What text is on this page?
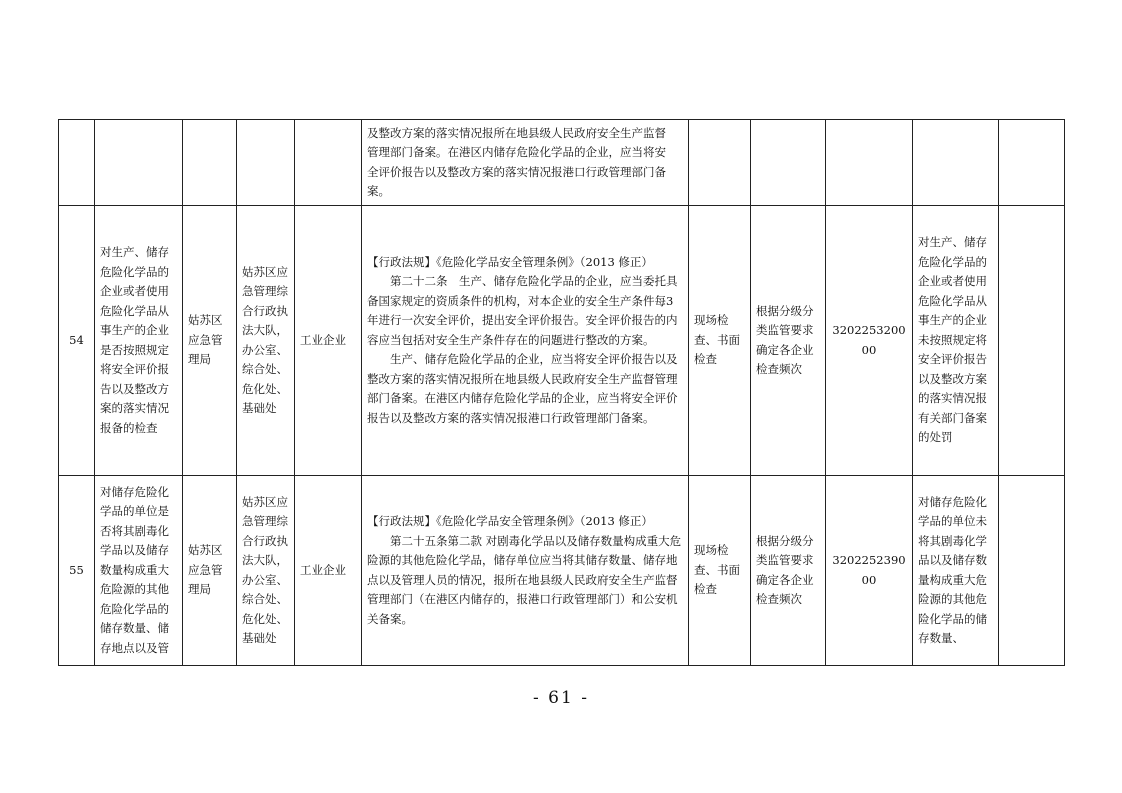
					及整改方案的落实情况报所在地县级人民政府安全生产监督
管理部门备案。在港区内储存危险化学品的企业，应当将安
全评价报告以及整改方案的落实情况报港口行政管理部门备
案。					

54	对生产、储存危险化学品的企业或者使用危险化学品从事生产的企业是否按照规定将安全评价报告以及整改方案的落实情况报备的检查	姑苏区应急管理局	姑苏区应急管理综合行政执法大队，办公室、综合处、危化处、基础处	工业企业	【行政法规】《危险化学品安全管理条例》（2013 修正）
第二十二条　生产、储存危险化学品的企业，应当委托具备国家规定的资质条件的机构，对本企业的安全生产条件每3 年进行一次安全评价，提出安全评价报告。安全评价报告的内容应当包括对安全生产条件存在的问题进行整改的方案。
生产、储存危险化学品的企业，应当将安全评价报告以及整改方案的落实情况报所在地县级人民政府安全生产监督管理部门备案。在港区内储存危险化学品的企业，应当将安全评价报告以及整改方案的落实情况报港口行政管理部门备案。	现场检查、书面检查	根据分级分类监管要求确定各企业检查频次	320225320000	对生产、储存危险化学品的企业或者使用危险化学品从事生产的企业未按照规定将安全评价报告以及整改方案的落实情况报有关部门备案的处罚	
55	对储存危险化学品的单位是否将其剧毒化学品以及储存数量构成重大危险源的其他危险化学品的储存数量、储存地点以及管	姑苏区应急管理局	姑苏区应急管理综合行政执法大队，办公室、综合处、危化处、基础处	工业企业	【行政法规】《危险化学品安全管理条例》（2013 修正）
第二十五条第二款 对剧毒化学品以及储存数量构成重大危险源的其他危险化学品，储存单位应当将其储存数量、储存地点以及管理人员的情况，报所在地县级人民政府安全生产监督管理部门（在港区内储存的，报港口行政管理部门）和公安机关备案。	现场检查、书面检查	根据分级分类监管要求确定各企业检查频次	320225239000	对储存危险化学品的单位未将其剧毒化学品以及储存数量构成重大危险源的其他危险化学品的储存数量、	
- 61 -
